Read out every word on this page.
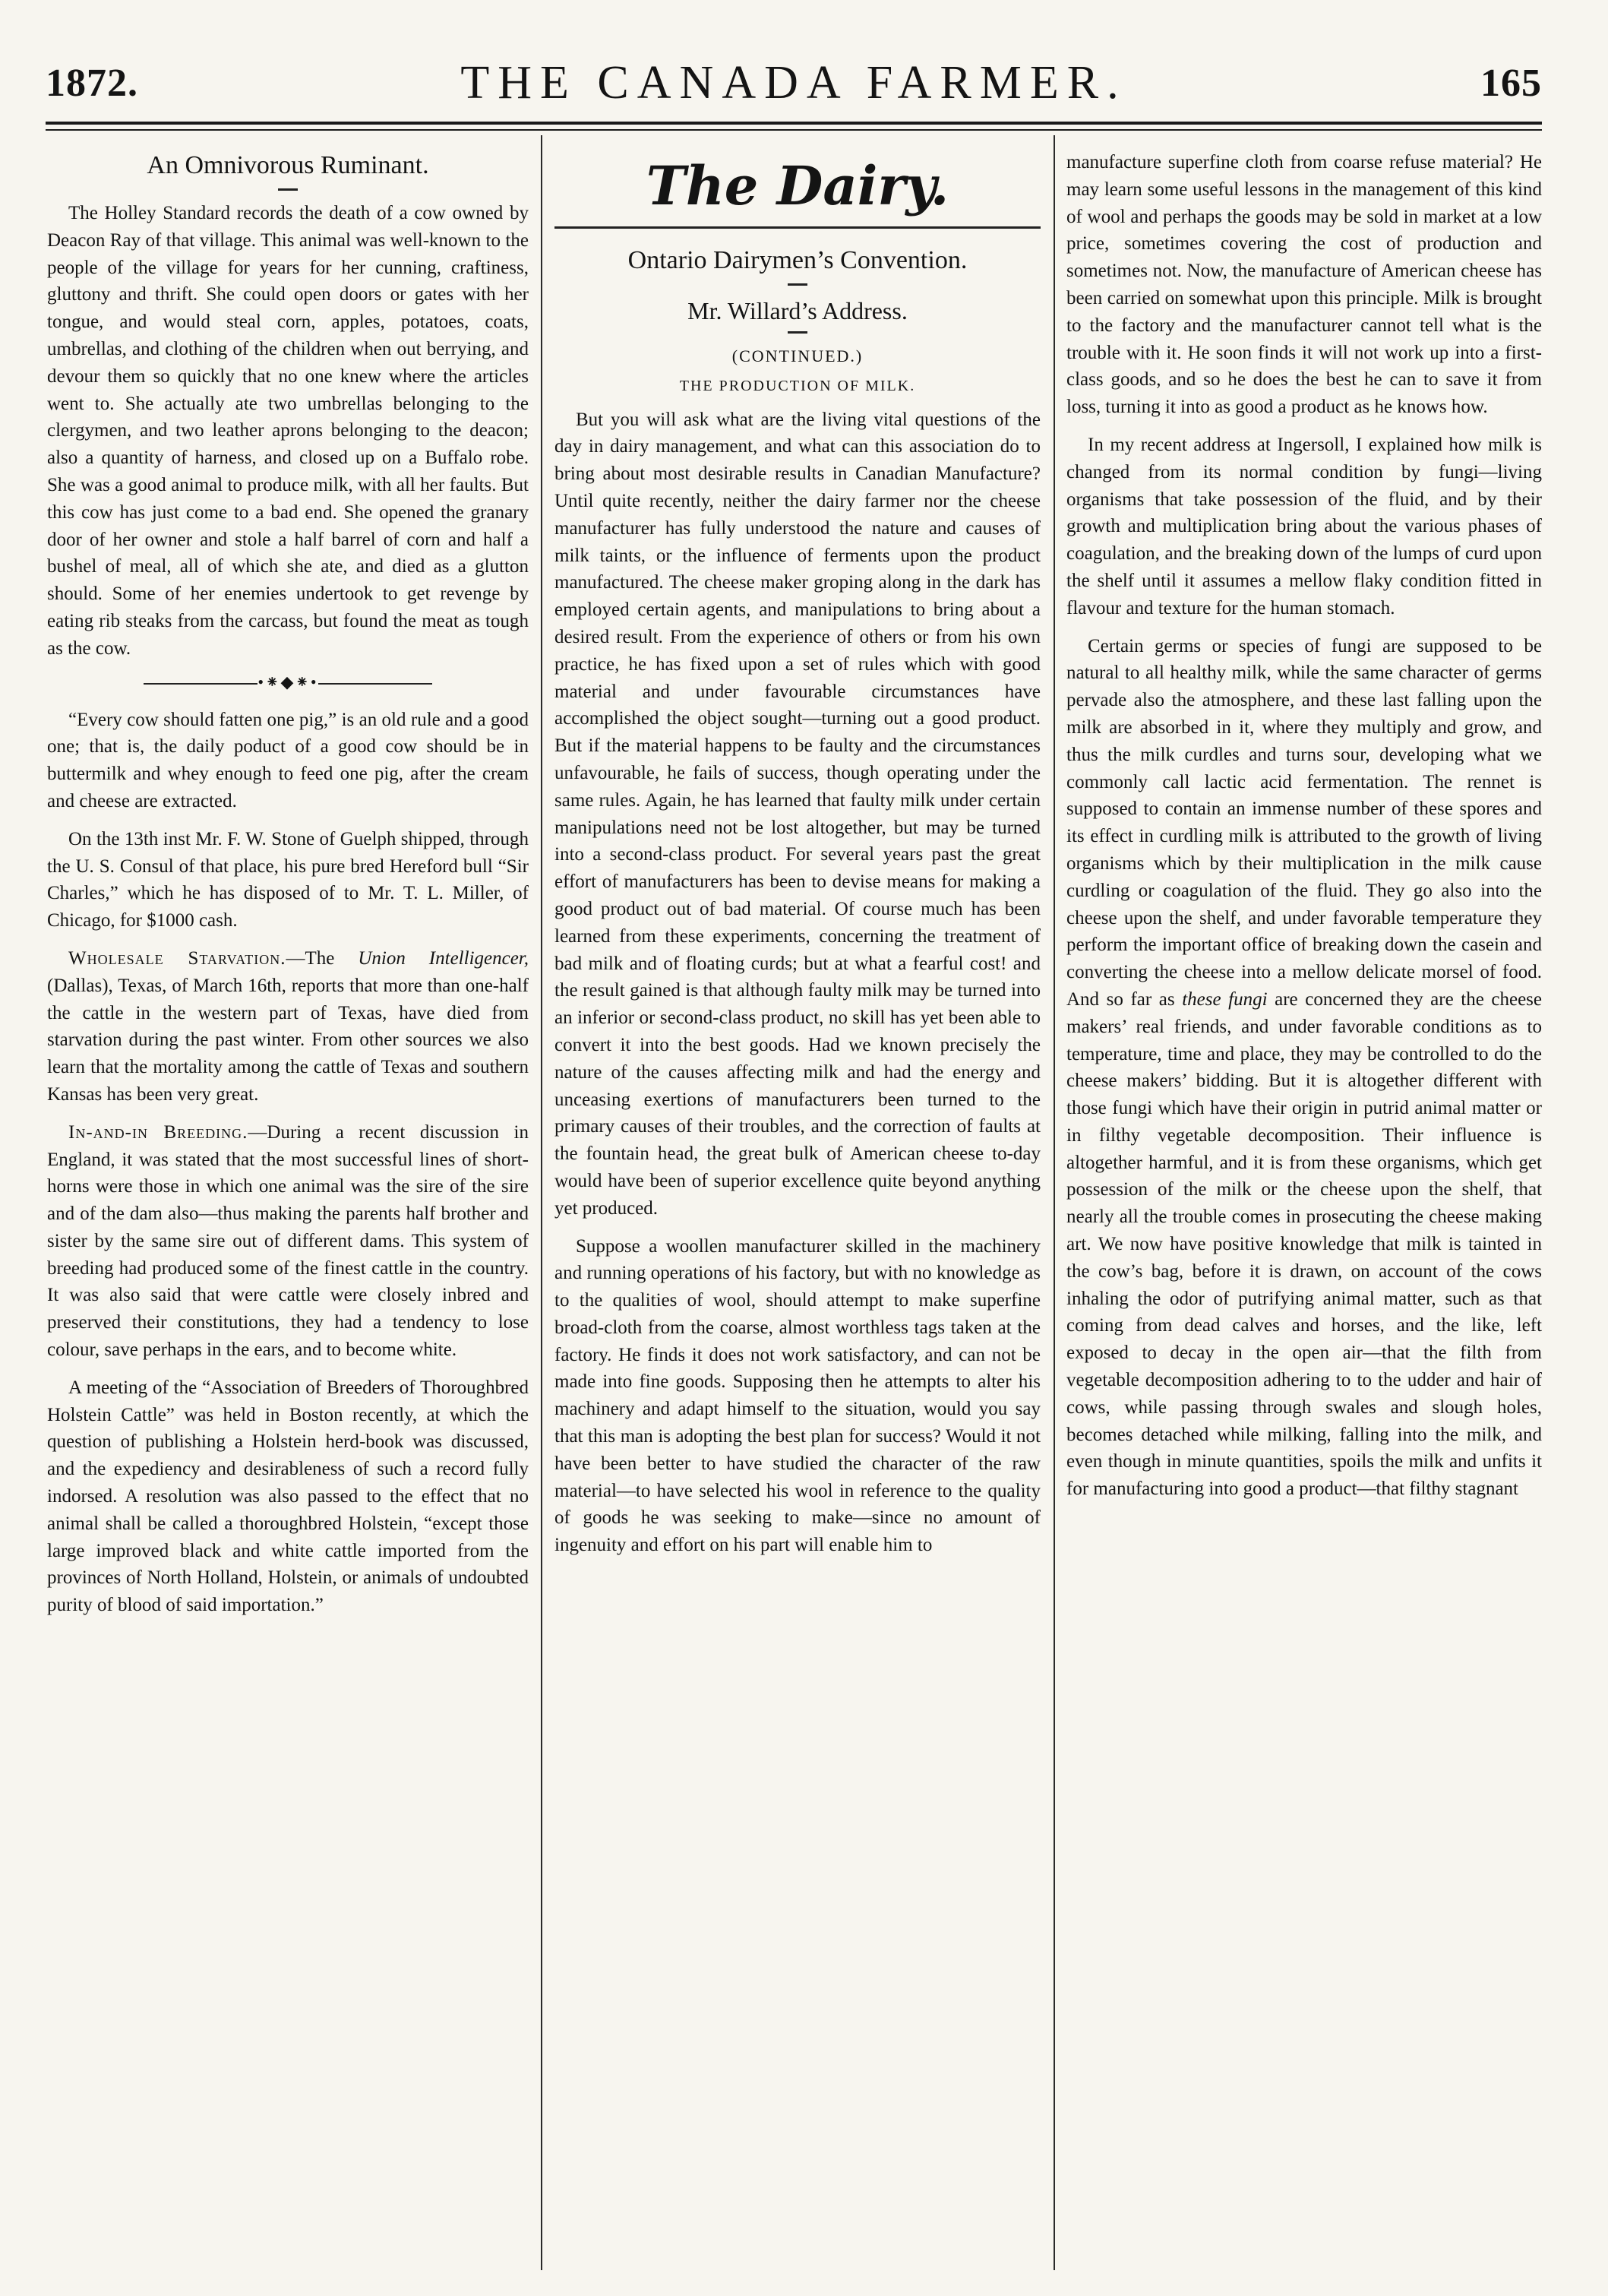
1872.	THE CANADA FARMER.	165
An Omnivorous Ruminant.

The Holley Standard records the death of a cow owned by Deacon Ray of that village. This animal was well-known to the people of the village for years for her cunning, craftiness, gluttony and thrift. She could open doors or gates with her tongue, and would steal corn, apples, potatoes, coats, umbrellas, and clothing of the children when out berrying, and devour them so quickly that no one knew where the articles went to. She actually ate two umbrellas belonging to the clergymen, and two leather aprons belonging to the deacon; also a quantity of harness, and closed up on a Buffalo robe. She was a good animal to produce milk, with all her faults. But this cow has just come to a bad end. She opened the granary door of her owner and stole a half barrel of corn and half a bushel of meal, all of which she ate, and died as a glutton should. Some of her enemies undertook to get revenge by eating rib steaks from the carcass, but found the meat as tough as the cow.

•⁕◆⁕•

“Every cow should fatten one pig,” is an old rule and a good one; that is, the daily poduct of a good cow should be in buttermilk and whey enough to feed one pig, after the cream and cheese are extracted.

On the 13th inst Mr. F. W. Stone of Guelph shipped, through the U. S. Consul of that place, his pure bred Hereford bull “Sir Charles,” which he has disposed of to Mr. T. L. Miller, of Chicago, for $1000 cash.

Wholesale Starvation.—The Union Intelligencer, (Dallas), Texas, of March 16th, reports that more than one-half the cattle in the western part of Texas, have died from starvation during the past winter. From other sources we also learn that the mortality among the cattle of Texas and southern Kansas has been very great.

In-and-in Breeding.—During a recent discussion in England, it was stated that the most successful lines of short-horns were those in which one animal was the sire of the sire and of the dam also—thus making the parents half brother and sister by the same sire out of different dams. This system of breeding had produced some of the finest cattle in the country. It was also said that were cattle were closely inbred and preserved their constitutions, they had a tendency to lose colour, save perhaps in the ears, and to become white.

A meeting of the “Association of Breeders of Thoroughbred Holstein Cattle” was held in Boston recently, at which the question of publishing a Holstein herd-book was discussed, and the expediency and desirableness of such a record fully indorsed. A resolution was also passed to the effect that no animal shall be called a thoroughbred Holstein, “except those large improved black and white cattle imported from the provinces of North Holland, Holstein, or animals of undoubted purity of blood of said importation.”

The Dairy.
Ontario Dairymen’s Convention.
Mr. Willard’s Address.
(CONTINUED.)
THE PRODUCTION OF MILK.

But you will ask what are the living vital questions of the day in dairy management, and what can this association do to bring about most desirable results in Canadian Manufacture? Until quite recently, neither the dairy farmer nor the cheese manufacturer has fully understood the nature and causes of milk taints, or the influence of ferments upon the product manufactured. The cheese maker groping along in the dark has employed certain agents, and manipulations to bring about a desired result. From the experience of others or from his own practice, he has fixed upon a set of rules which with good material and under favourable circumstances have accomplished the object sought—turning out a good product. But if the material happens to be faulty and the circumstances unfavourable, he fails of success, though operating under the same rules. Again, he has learned that faulty milk under certain manipulations need not be lost altogether, but may be turned into a second-class product. For several years past the great effort of manufacturers has been to devise means for making a good product out of bad material. Of course much has been learned from these experiments, concerning the treatment of bad milk and of floating curds; but at what a fearful cost! and the result gained is that although faulty milk may be turned into an inferior or second-class product, no skill has yet been able to convert it into the best goods. Had we known precisely the nature of the causes affecting milk and had the energy and unceasing exertions of manufacturers been turned to the primary causes of their troubles, and the correction of faults at the fountain head, the great bulk of American cheese to-day would have been of superior excellence quite beyond anything yet produced.

Suppose a woollen manufacturer skilled in the machinery and running operations of his factory, but with no knowledge as to the qualities of wool, should attempt to make superfine broad-cloth from the coarse, almost worthless tags taken at the factory. He finds it does not work satisfactory, and can not be made into fine goods. Supposing then he attempts to alter his machinery and adapt himself to the situation, would you say that this man is adopting the best plan for success? Would it not have been better to have studied the character of the raw material—to have selected his wool in reference to the quality of goods he was seeking to make—since no amount of ingenuity and effort on his part will enable him to

manufacture superfine cloth from coarse refuse material? He may learn some useful lessons in the management of this kind of wool and perhaps the goods may be sold in market at a low price, sometimes covering the cost of production and sometimes not. Now, the manufacture of American cheese has been carried on somewhat upon this principle. Milk is brought to the factory and the manufacturer cannot tell what is the trouble with it. He soon finds it will not work up into a first-class goods, and so he does the best he can to save it from loss, turning it into as good a product as he knows how.

In my recent address at Ingersoll, I explained how milk is changed from its normal condition by fungi—living organisms that take possession of the fluid, and by their growth and multiplication bring about the various phases of coagulation, and the breaking down of the lumps of curd upon the shelf until it assumes a mellow flaky condition fitted in flavour and texture for the human stomach.

Certain germs or species of fungi are supposed to be natural to all healthy milk, while the same character of germs pervade also the atmosphere, and these last falling upon the milk are absorbed in it, where they multiply and grow, and thus the milk curdles and turns sour, developing what we commonly call lactic acid fermentation. The rennet is supposed to contain an immense number of these spores and its effect in curdling milk is attributed to the growth of living organisms which by their multiplication in the milk cause curdling or coagulation of the fluid. They go also into the cheese upon the shelf, and under favorable temperature they perform the important office of breaking down the casein and converting the cheese into a mellow delicate morsel of food. And so far as these fungi are concerned they are the cheese makers’ real friends, and under favorable conditions as to temperature, time and place, they may be controlled to do the cheese makers’ bidding. But it is altogether different with those fungi which have their origin in putrid animal matter or in filthy vegetable decomposition. Their influence is altogether harmful, and it is from these organisms, which get possession of the milk or the cheese upon the shelf, that nearly all the trouble comes in prosecuting the cheese making art. We now have positive knowledge that milk is tainted in the cow’s bag, before it is drawn, on account of the cows inhaling the odor of putrifying animal matter, such as that coming from dead calves and horses, and the like, left exposed to decay in the open air—that the filth from vegetable decomposition adhering to to the udder and hair of cows, while passing through swales and slough holes, becomes detached while milking, falling into the milk, and even though in minute quantities, spoils the milk and unfits it for manufacturing into good a product—that filthy stagnant
